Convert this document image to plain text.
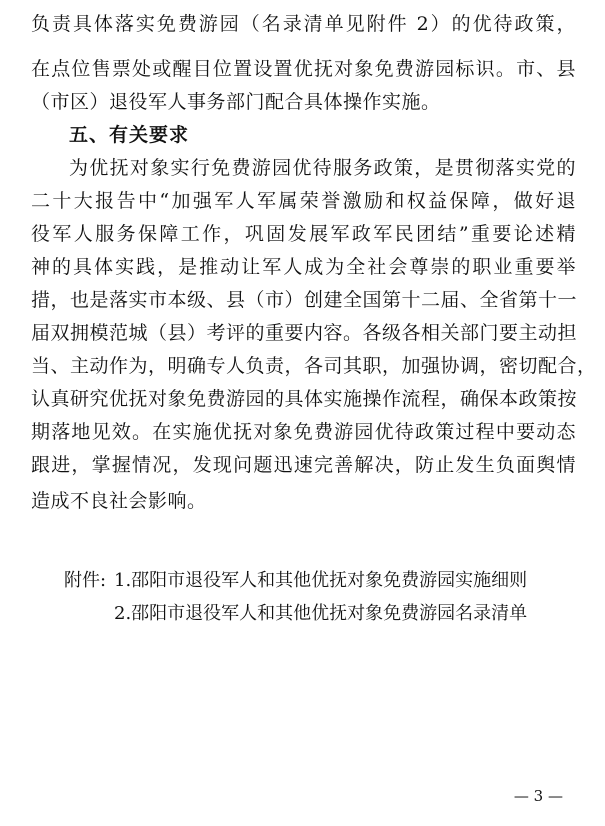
负责具体落实免费游园（名录清单见附件 2）的优待政策，
在点位售票处或醒目位置设置优抚对象免费游园标识。市、县
（市区）退役军人事务部门配合具体操作实施。
五、有关要求
为优抚对象实行免费游园优待服务政策，是贯彻落实党的
二十大报告中“加强军人军属荣誉激励和权益保障，做好退
役军人服务保障工作，巩固发展军政军民团结”重要论述精
神的具体实践，是推动让军人成为全社会尊崇的职业重要举
措，也是落实市本级、县（市）创建全国第十二届、全省第十一
届双拥模范城（县）考评的重要内容。各级各相关部门要主动担
当、主动作为，明确专人负责，各司其职，加强协调，密切配合，
认真研究优抚对象免费游园的具体实施操作流程，确保本政策按
期落地见效。在实施优抚对象免费游园优待政策过程中要动态
跟进，掌握情况，发现问题迅速完善解决，防止发生负面舆情
造成不良社会影响。
附件: 1.邵阳市退役军人和其他优抚对象免费游园实施细则
2.邵阳市退役军人和其他优抚对象免费游园名录清单
— 3 —
